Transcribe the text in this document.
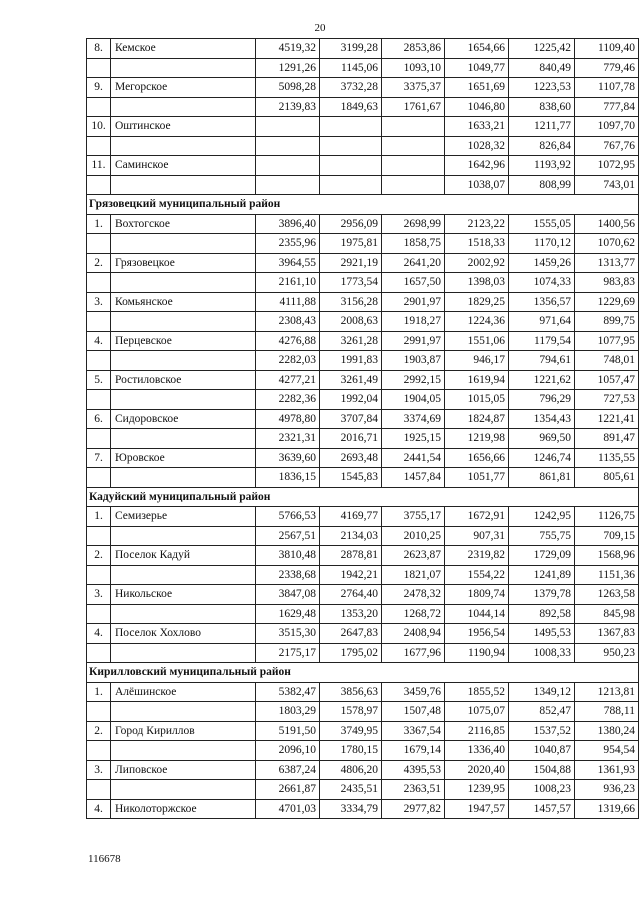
20
8.	Кемское	4519,32	3199,28	2853,86	1654,66	1225,42	1109,40
		1291,26	1145,06	1093,10	1049,77	840,49	779,46
9.	Мегорское	5098,28	3732,28	3375,37	1651,69	1223,53	1107,78
		2139,83	1849,63	1761,67	1046,80	838,60	777,84
10.	Оштинское				1633,21	1211,77	1097,70
					1028,32	826,84	767,76
11.	Саминское				1642,96	1193,92	1072,95
					1038,07	808,99	743,01
Грязовецкий муниципальный район							
1.	Вохтогское	3896,40	2956,09	2698,99	2123,22	1555,05	1400,56
		2355,96	1975,81	1858,75	1518,33	1170,12	1070,62
2.	Грязовецкое	3964,55	2921,19	2641,20	2002,92	1459,26	1313,77
		2161,10	1773,54	1657,50	1398,03	1074,33	983,83
3.	Комьянское	4111,88	3156,28	2901,97	1829,25	1356,57	1229,69
		2308,43	2008,63	1918,27	1224,36	971,64	899,75
4.	Перцевское	4276,88	3261,28	2991,97	1551,06	1179,54	1077,95
		2282,03	1991,83	1903,87	946,17	794,61	748,01
5.	Ростиловское	4277,21	3261,49	2992,15	1619,94	1221,62	1057,47
		2282,36	1992,04	1904,05	1015,05	796,29	727,53
6.	Сидоровское	4978,80	3707,84	3374,69	1824,87	1354,43	1221,41
		2321,31	2016,71	1925,15	1219,98	969,50	891,47
7.	Юровское	3639,60	2693,48	2441,54	1656,66	1246,74	1135,55
		1836,15	1545,83	1457,84	1051,77	861,81	805,61
Кадуйский муниципальный район							
1.	Семизерье	5766,53	4169,77	3755,17	1672,91	1242,95	1126,75
		2567,51	2134,03	2010,25	907,31	755,75	709,15
2.	Поселок Кадуй	3810,48	2878,81	2623,87	2319,82	1729,09	1568,96
		2338,68	1942,21	1821,07	1554,22	1241,89	1151,36
3.	Никольское	3847,08	2764,40	2478,32	1809,74	1379,78	1263,58
		1629,48	1353,20	1268,72	1044,14	892,58	845,98
4.	Поселок Хохлово	3515,30	2647,83	2408,94	1956,54	1495,53	1367,83
		2175,17	1795,02	1677,96	1190,94	1008,33	950,23
Кирилловский муниципальный район							
1.	Алёшинское	5382,47	3856,63	3459,76	1855,52	1349,12	1213,81
		1803,29	1578,97	1507,48	1075,07	852,47	788,11
2.	Город Кириллов	5191,50	3749,95	3367,54	2116,85	1537,52	1380,24
		2096,10	1780,15	1679,14	1336,40	1040,87	954,54
3.	Липовское	6387,24	4806,20	4395,53	2020,40	1504,88	1361,93
		2661,87	2435,51	2363,51	1239,95	1008,23	936,23
4.	Николоторжское	4701,03	3334,79	2977,82	1947,57	1457,57	1319,66
116678
